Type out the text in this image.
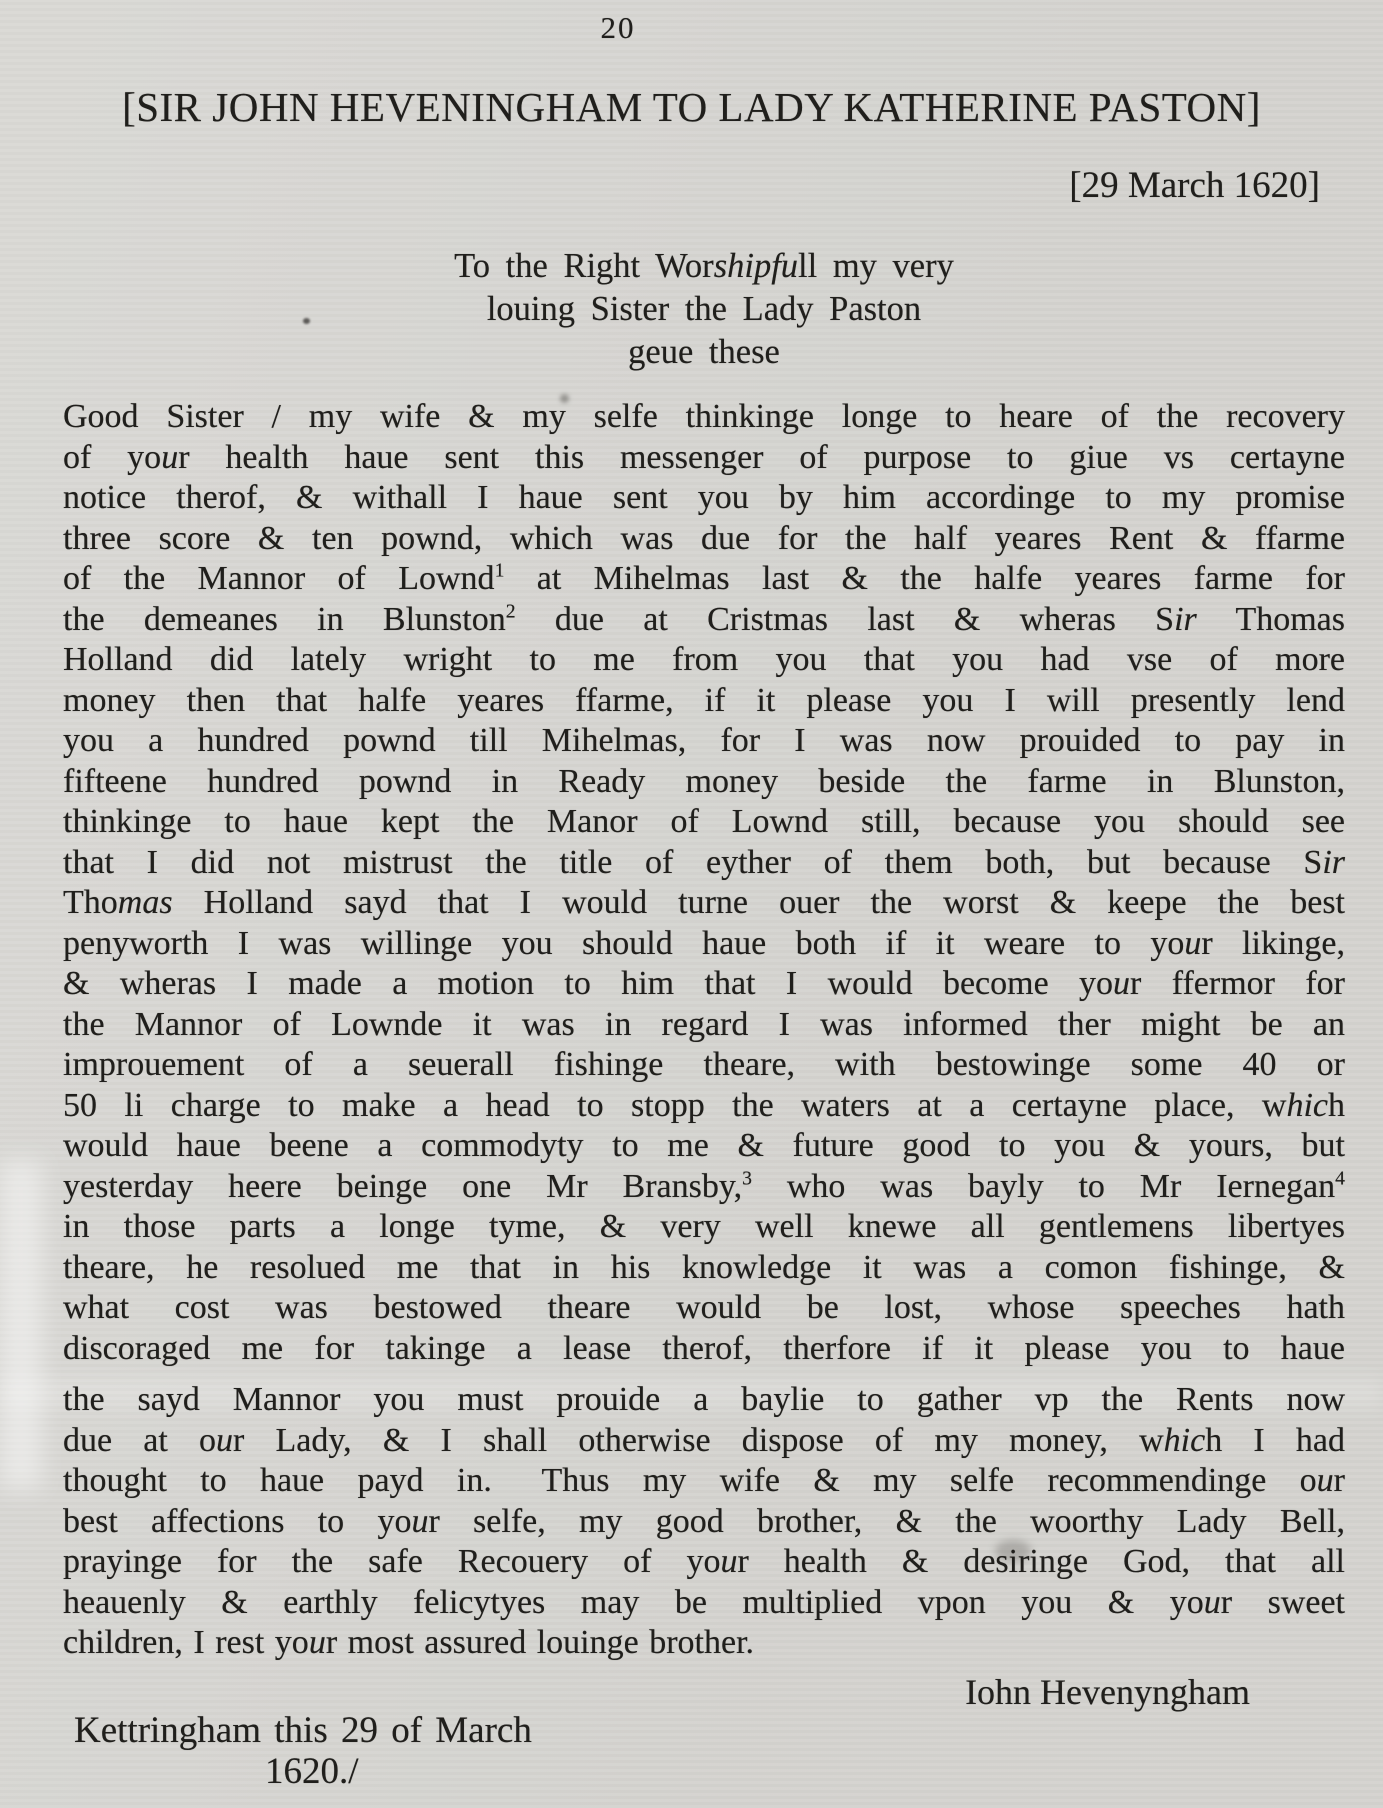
20
[SIR JOHN HEVENINGHAM TO LADY KATHERINE PASTON]
[29 March 1620]
To the Right Worshipfull my very
louing Sister the Lady Paston
geue these
Good Sister / my wife & my selfe thinkinge longe to heare of the recovery
of your health haue sent this messenger of purpose to giue vs certayne
notice therof, & withall I haue sent you by him accordinge to my promise
three score & ten pownd, which was due for the half yeares Rent & ffarme
of the Mannor of Lownd$^1$ at Mihelmas last & the halfe yeares farme for
the demeanes in Blunston$^2$ due at Cristmas last & wheras Sir Thomas
Holland did lately wright to me from you that you had vse of more
money then that halfe yeares ffarme, if it please you I will presently lend
you a hundred pownd till Mihelmas, for I was now prouided to pay in
fifteene hundred pownd in Ready money beside the farme in Blunston,
thinkinge to haue kept the Manor of Lownd still, because you should see
that I did not mistrust the title of eyther of them both, but because Sir
Thomas Holland sayd that I would turne ouer the worst & keepe the best
penyworth I was willinge you should haue both if it weare to your likinge,
& wheras I made a motion to him that I would become your ffermor for
the Mannor of Lownde it was in regard I was informed ther might be an
improuement of a seuerall fishinge theare, with bestowinge some 40 or
50 li charge to make a head to stopp the waters at a certayne place, which
would haue beene a commodyty to me & future good to you & yours, but
yesterday heere beinge one Mr Bransby,$^3$ who was bayly to Mr Iernegan$^4$
in those parts a longe tyme, & very well knewe all gentlemens libertyes
theare, he resolued me that in his knowledge it was a comon fishinge, &
what cost was bestowed theare would be lost, whose speeches hath
discoraged me for takinge a lease therof, therfore if it please you to haue
the sayd Mannor you must prouide a baylie to gather vp the Rents now
due at our Lady, & I shall otherwise dispose of my money, which I had
thought to haue payd in.  Thus my wife & my selfe recommendinge our
best affections to your selfe, my good brother, & the woorthy Lady Bell,
prayinge for the safe Recouery of your health & desiringe God, that all
heauenly & earthly felicytyes may be multiplied vpon you & your sweet
children, I rest your most assured louinge brother.
Iohn Hevenyngham
Kettringham this 29 of March
1620./
